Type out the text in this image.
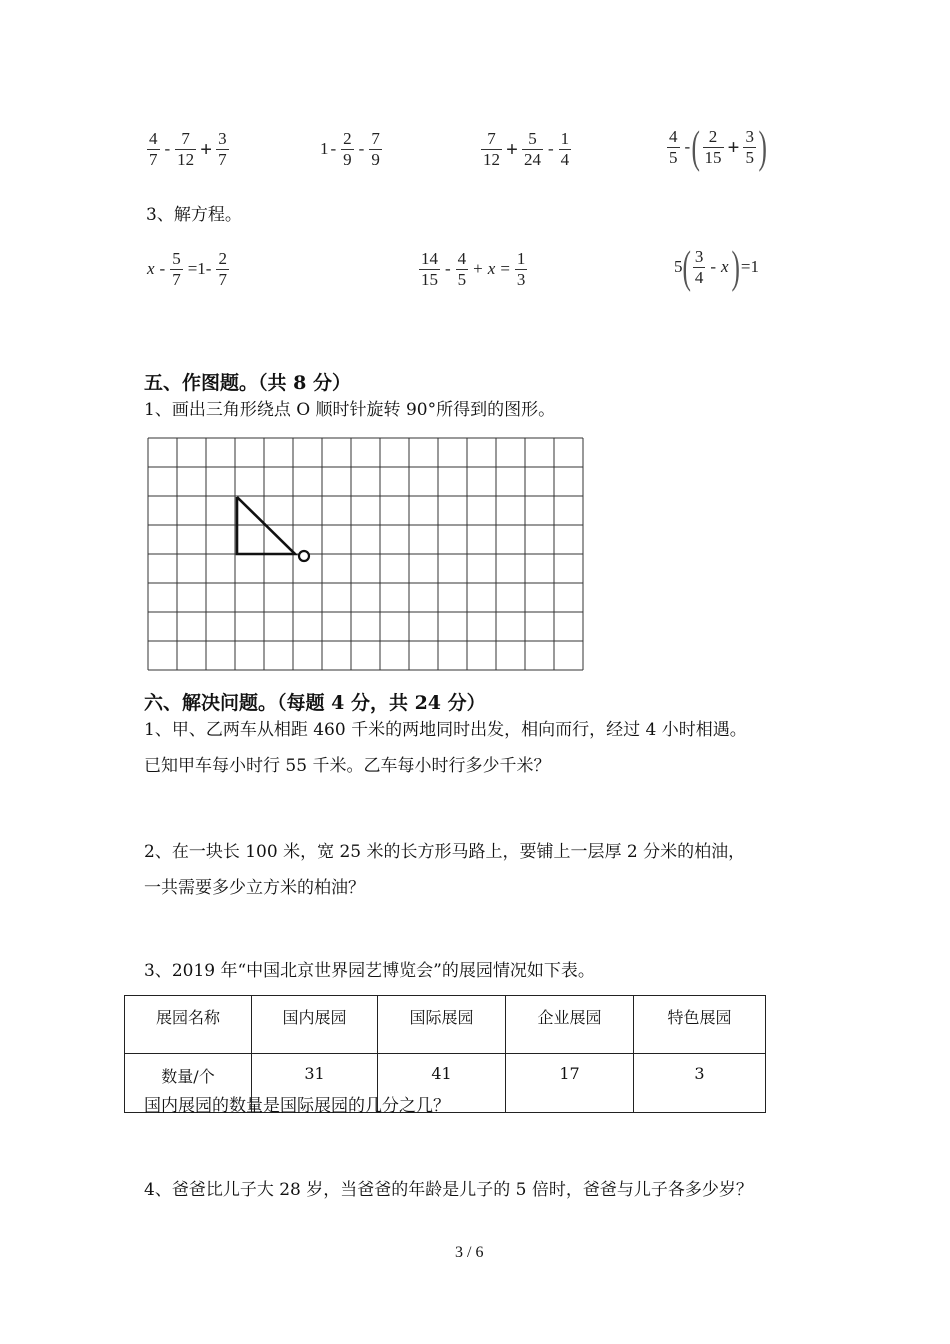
$\frac{4}{7} - \frac{7}{12} + \frac{3}{7}$	$1 - \frac{2}{9} - \frac{7}{9}$	$\frac{7}{12} + \frac{5}{24} - \frac{1}{4}$	$\frac{4}{5}$ - ( $\frac{2}{15} + \frac{3}{5}$ )
3、解方程。
$x - \frac{5}{7} =1- \frac{2}{7}$	$\frac{14}{15} - \frac{4}{5} + x = \frac{1}{3}$	5 ( $\frac{3}{4}$ - x ) =1
五、作图题。（共 8 分）
1、画出三角形绕点 O 顺时针旋转 90°所得到的图形。
六、解决问题。（每题 4 分，共 24 分）
1、甲、乙两车从相距 460 千米的两地同时出发，相向而行，经过 4 小时相遇。
已知甲车每小时行 55 千米。乙车每小时行多少千米？
2、在一块长 100 米，宽 25 米的长方形马路上，要铺上一层厚 2 分米的柏油，
一共需要多少立方米的柏油？
3、2019 年“中国北京世界园艺博览会”的展园情况如下表。
展园名称	国内展园	国际展园	企业展园	特色展园
数量/个	31	41	17	3
国内展园的数量是国际展园的几分之几？
4、爸爸比儿子大 28 岁，当爸爸的年龄是儿子的 5 倍时，爸爸与儿子各多少岁？
3 / 6
